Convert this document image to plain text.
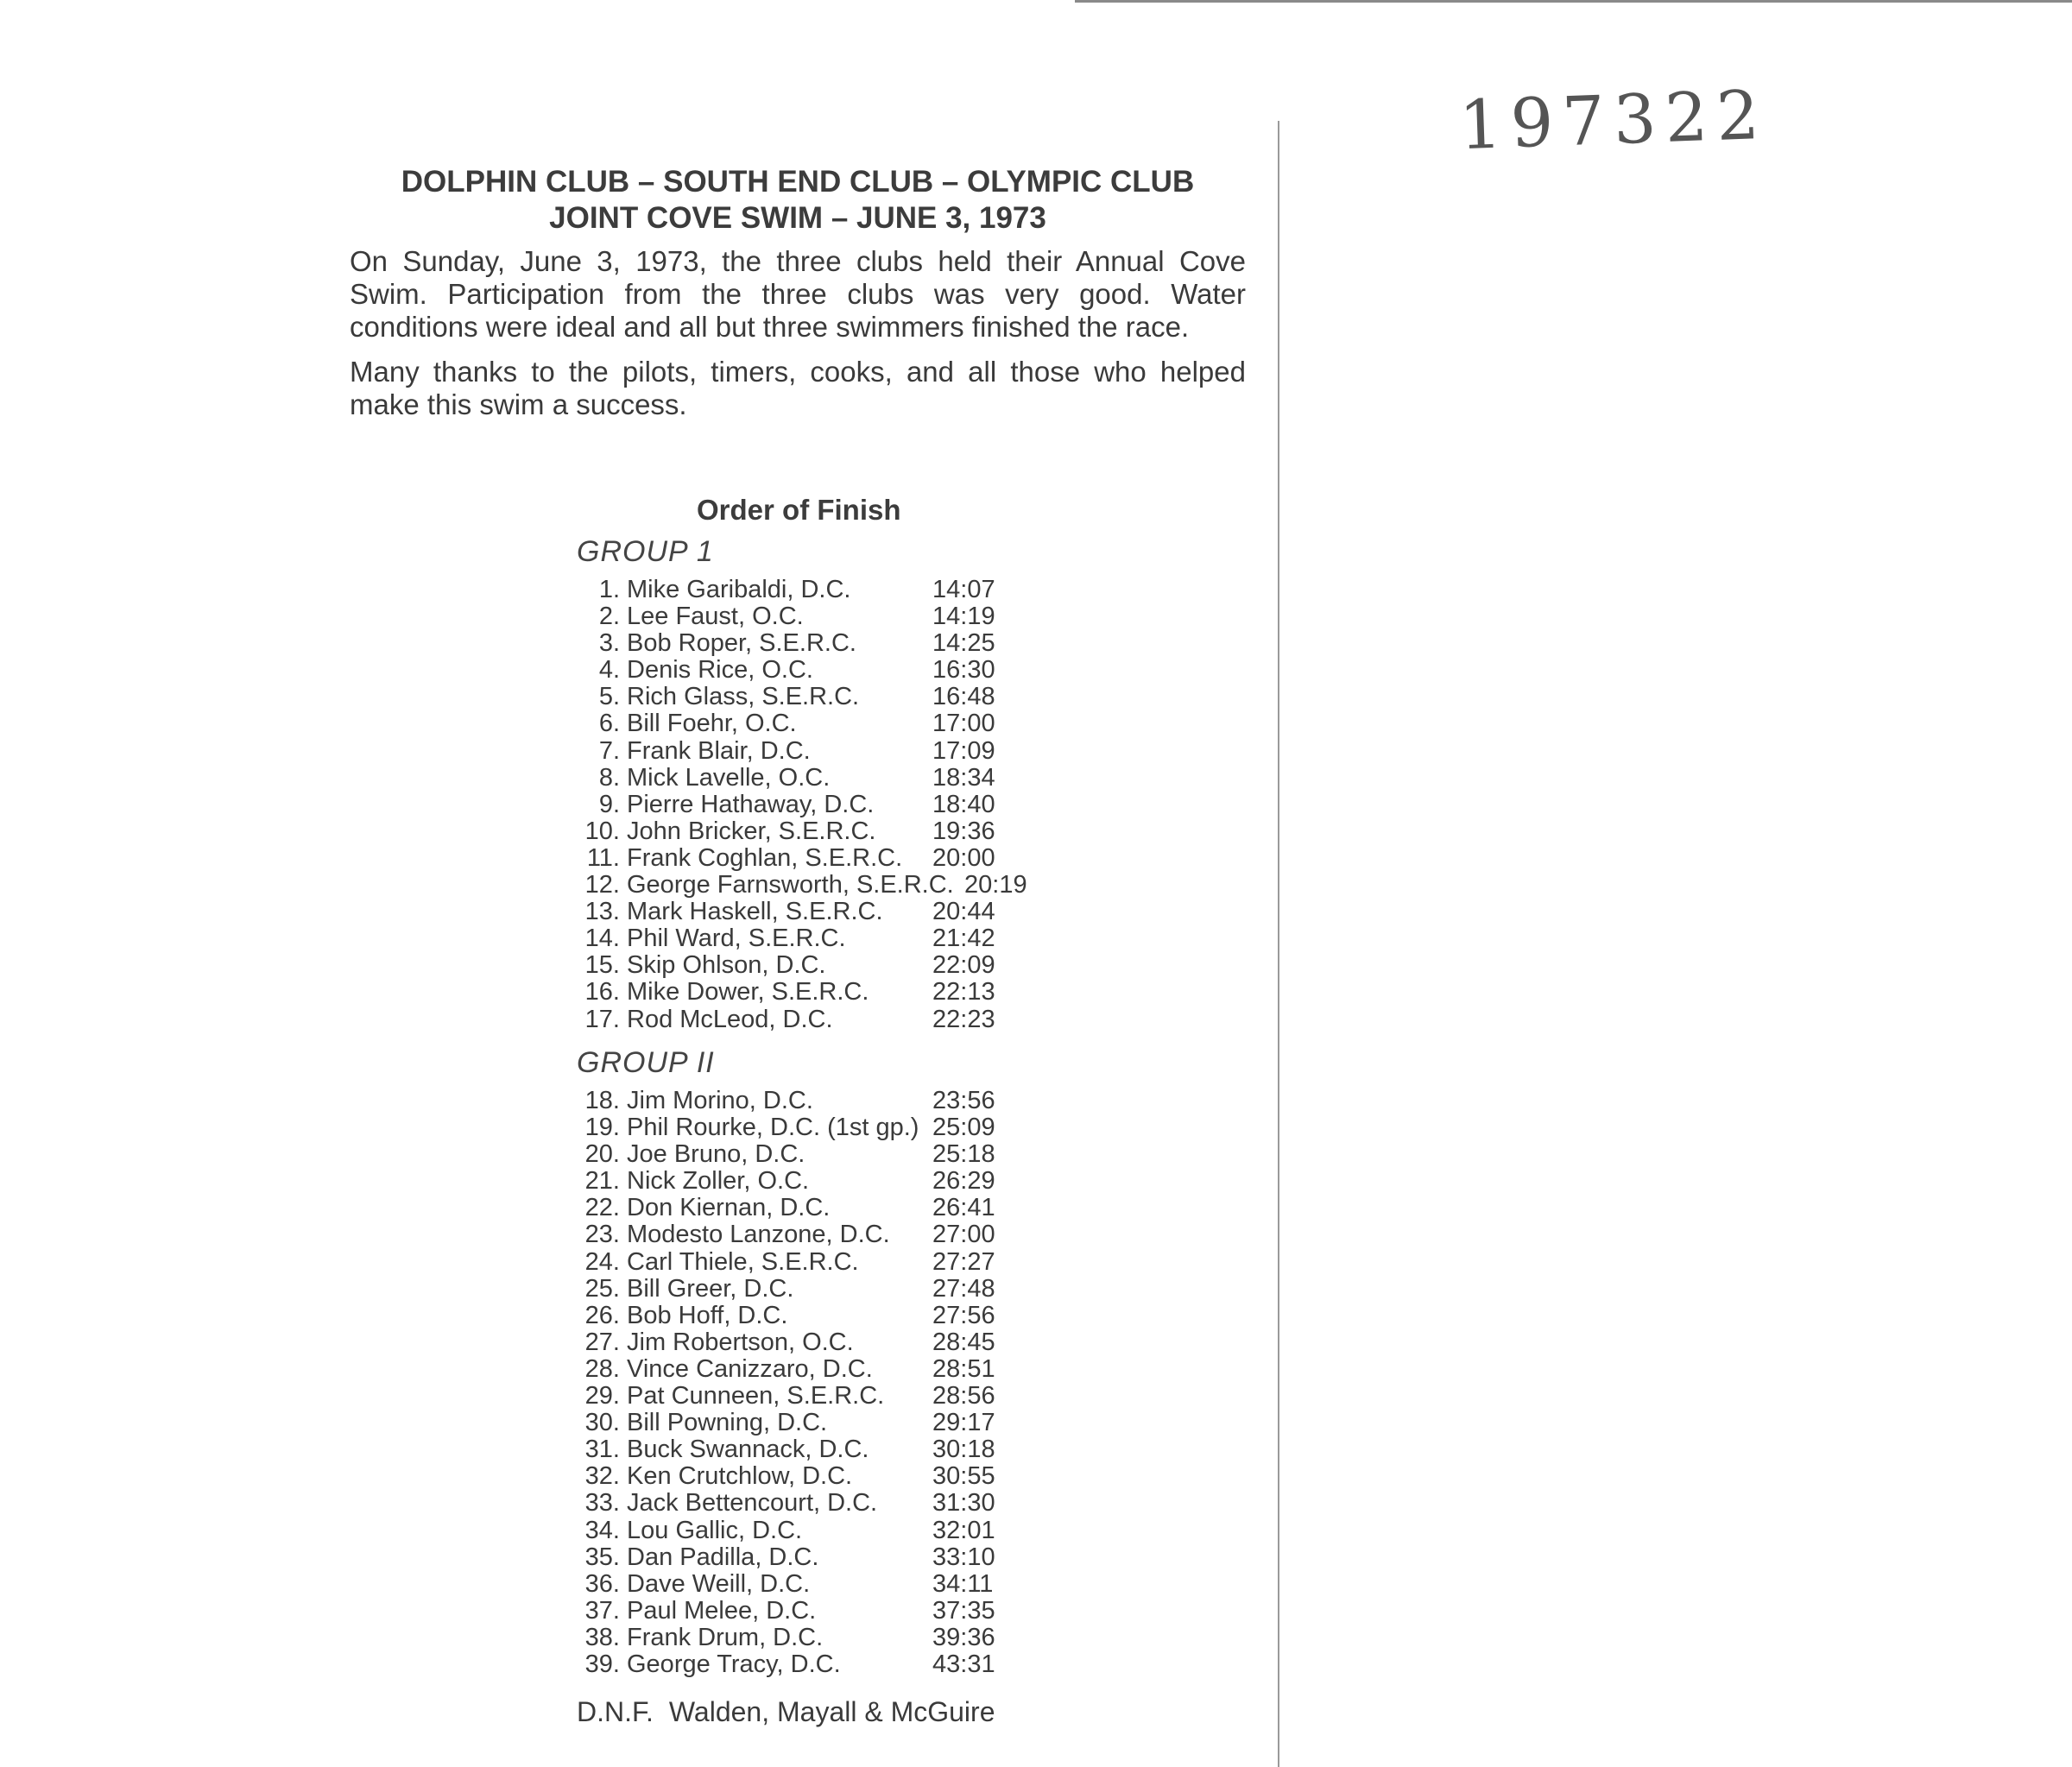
197322
DOLPHIN CLUB – SOUTH END CLUB – OLYMPIC CLUB
JOINT COVE SWIM – JUNE 3, 1973

On Sunday, June 3, 1973, the three clubs held their Annual Cove Swim. Participation from the three clubs was very good. Water conditions were ideal and all but three swimmers finished the race.

Many thanks to the pilots, timers, cooks, and all those who helped make this swim a success.

Order of Finish
GROUP 1
1. Mike Garibaldi, D.C.	14:07
2. Lee Faust, O.C.	14:19
3. Bob Roper, S.E.R.C.	14:25
4. Denis Rice, O.C.	16:30
5. Rich Glass, S.E.R.C.	16:48
6. Bill Foehr, O.C.	17:00
7. Frank Blair, D.C.	17:09
8. Mick Lavelle, O.C.	18:34
9. Pierre Hathaway, D.C. 18:40
10. John Bricker, S.E.R.C. 19:36
11. Frank Coghlan, S.E.R.C. 20:00
12. George Farnsworth, S.E.R.C. 20:19
13. Mark Haskell, S.E.R.C. 20:44
14. Phil Ward, S.E.R.C.	21:42
15. Skip Ohlson, D.C.	22:09
16. Mike Dower, S.E.R.C.	22:13
17. Rod McLeod, D.C.	22:23
GROUP II
18. Jim Morino, D.C.	23:56
19. Phil Rourke, D.C. (1st gp.) 25:09
20. Joe Bruno, D.C.	25:18
21. Nick Zoller, O.C.	26:29
22. Don Kiernan, D.C.	26:41
23. Modesto Lanzone, D.C. 27:00
24. Carl Thiele, S.E.R.C.	27:27
25. Bill Greer, D.C.	27:48
26. Bob Hoff, D.C.	27:56
27. Jim Robertson, O.C.	28:45
28. Vince Canizzaro, D.C. 28:51
29. Pat Cunneen, S.E.R.C. 28:56
30. Bill Powning, D.C.	29:17
31. Buck Swannack, D.C.	30:18
32. Ken Crutchlow, D.C.	30:55
33. Jack Bettencourt, D.C. 31:30
34. Lou Gallic, D.C.	32:01
35. Dan Padilla, D.C.	33:10
36. Dave Weill, D.C.	34:11
37. Paul Melee, D.C.	37:35
38. Frank Drum, D.C.	39:36
39. George Tracy, D.C.	43:31
D.N.F. Walden, Mayall & McGuire
